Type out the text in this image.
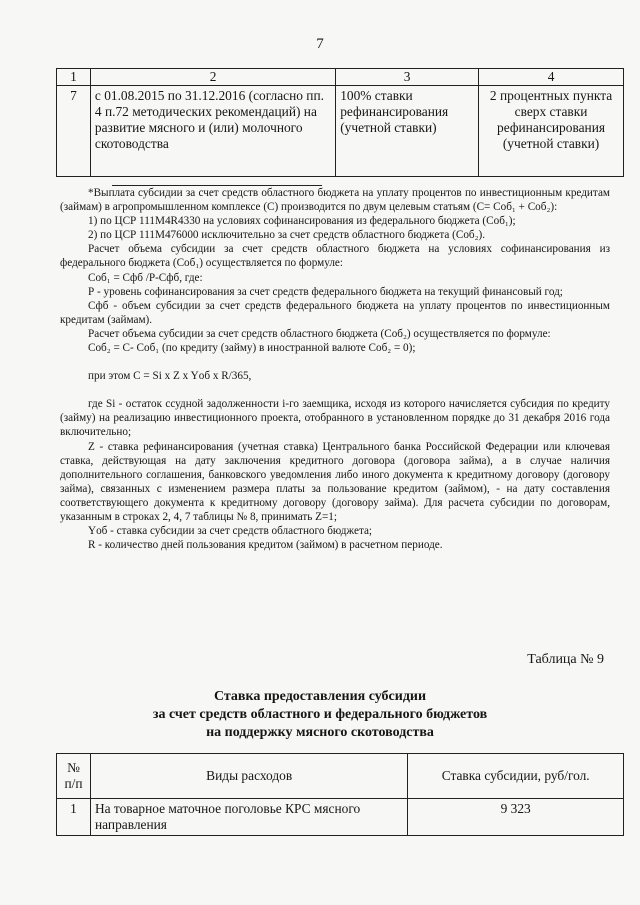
7
1	2	3	4
7	с 01.08.2015 по 31.12.2016 (согласно пп. 4 п.72 методических рекомендаций) на развитие мясного и (или) молочного скотоводства	100% ставки рефинансирования (учетной ставки)	2 процентных пункта сверх ставки рефинансирования (учетной ставки)

*Выплата субсидии за счет средств областного бюджета на уплату процентов по инвестиционным кредитам (займам) в агропромышленном комплексе (С) производится по двум целевым статьям (С= Соб₁ + Соб₂):

1) по ЦСР 111М4R4330 на условиях софинансирования из федерального бюджета (Соб₁);

2) по ЦСР 111М476000 исключительно за счет средств областного бюджета (Соб₂).

Расчет объема субсидии за счет средств областного бюджета на условиях софинансирования из федерального бюджета (Соб₁) осуществляется по формуле:

Соб₁ = Сфб /Р-Сфб, где:

Р - уровень софинансирования за счет средств федерального бюджета на текущий финансовый год;

Сфб - объем субсидии за счет средств федерального бюджета на уплату процентов по инвестиционным кредитам (займам).

Расчет объема субсидии за счет средств областного бюджета (Соб₂) осуществляется по формуле:

Соб₂ = С- Соб₁ (по кредиту (займу) в иностранной валюте Соб₂ = 0);

при этом С = Si x Z x Yоб x R/365,

где Si - остаток ссудной задолженности i-го заемщика, исходя из которого начисляется субсидия по кредиту (займу) на реализацию инвестиционного проекта, отобранного в установленном порядке до 31 декабря 2016 года включительно;

Z - ставка рефинансирования (учетная ставка) Центрального банка Российской Федерации или ключевая ставка, действующая на дату заключения кредитного договора (договора займа), а в случае наличия дополнительного соглашения, банковского уведомления либо иного документа к кредитному договору (договору займа), связанных с изменением размера платы за пользование кредитом (займом), - на дату составления соответствующего документа к кредитному договору (договору займа). Для расчета субсидии по договорам, указанным в строках 2, 4, 7 таблицы № 8, принимать Z=1;

Yоб - ставка субсидии за счет средств областного бюджета;

R - количество дней пользования кредитом (займом) в расчетном периоде.

Таблица № 9
Ставка предоставления субсидии
за счет средств областного и федерального бюджетов
на поддержку мясного скотоводства
№ п/п	Виды расходов	Ставка субсидии, руб/гол.
1	На товарное маточное поголовье КРС мясного направления	9 323
